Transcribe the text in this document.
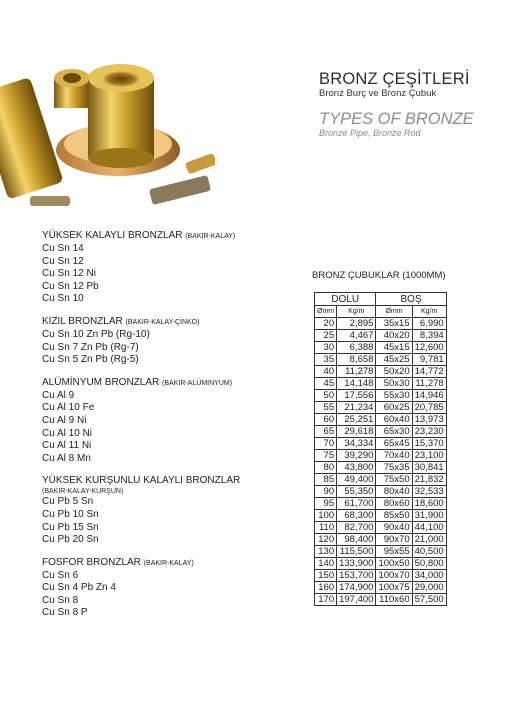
BRONZ ÇEŞİTLERİ
Bronz Burç ve Bronz Çubuk
TYPES OF BRONZE
Bronze Pipe, Bronze Rod
YÜKSEK KALAYLI BRONZLAR (BAKIR-KALAY)
Cu Sn 14
Cu Sn 12
Cu Sn 12 Ni
Cu Sn 12 Pb
Cu Sn 10
KIZIL BRONZLAR (BAKIR-KALAY-ÇİNKO)
Cu Sn 10 Zn Pb (Rg-10)
Cu Sn 7 Zn Pb (Rg-7)
Cu Sn 5 Zn Pb (Rg-5)
ALÜMİNYUM BRONZLAR (BAKIR-ALÜMİNYUM)
Cu Al 9
Cu Al 10 Fe
Cu Al 9 Ni
Cu Al 10 Ni
Cu Al 11 Ni
Cu Al 8 Mn
YÜKSEK KURŞUNLU KALAYLI BRONZLAR
(BAKIR-KALAY-KURŞUN)
Cu Pb 5 Sn
Cu Pb 10 Sn
Cu Pb 15 Sn
Cu Pb 20 Sn
FOSFOR BRONZLAR (BAKIR-KALAY)
Cu Sn 6
Cu Sn 4 Pb Zn 4
Cu Sn 8
Cu Sn 8 P
BRONZ ÇUBUKLAR (1000MM)
DOLU		BOŞ	
Ømm	Kg/m	Ømm	Kg/m
20	2,895	35x15	6,990
25	4,467	40x20	8,394
30	6,388	45x15	12,600
35	8,658	45x25	9,781
40	11,278	50x20	14,772
45	14,148	50x30	11,278
50	17,556	55x30	14,946
55	21,234	60x25	20,785
60	25,251	60x40	13,973
65	29,618	65x30	23,230
70	34,334	65x45	15,370
75	39,290	70x40	23,100
80	43,800	75x35	30,841
85	49,400	75x50	21,832
90	55,350	80x40	32,533
95	61,700	80x60	18,600
100	68,300	85x50	31,900
110	82,700	90x40	44,100
120	98,400	90x70	21,000
130	115,500	95x55	40,500
140	133,900	100x50	50,800
150	153,700	100x70	34,000
160	174,900	100x75	29,000
170	197,400	110x60	57,500
